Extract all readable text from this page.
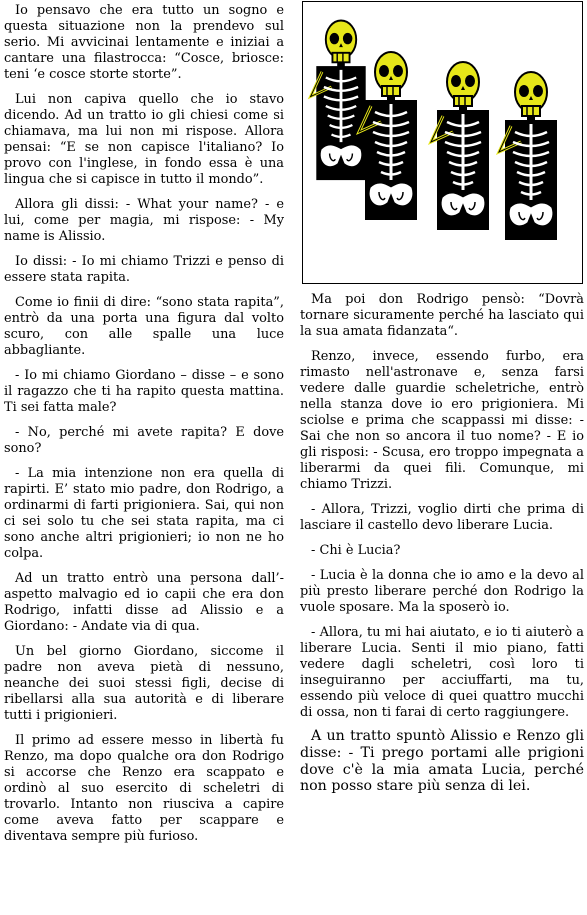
Io pensavo che era tutto un sogno e questa situazione non la prendevo sul serio. Mi avvicinai lentamente e iniziai a cantare una filastrocca: “Cosce, briosce: teni ‘e cosce storte storte”.

Lui non capiva quello che io stavo dicendo. Ad un tratto io gli chiesi come si chiamava, ma lui non mi rispose. Allora pensai: “E se non capisce l'italiano? Io provo con l'inglese, in fondo essa è una lingua che si capisce in tutto il mondo”.

Allora gli dissi: - What your name? - e lui, come per magia, mi rispose: - My name is Alissio.

Io dissi: - Io mi chiamo Trizzi e penso di essere stata rapita.

Come io finii di dire: “sono stata rapita”, entrò da una porta una figura dal volto scuro, con alle spalle una luce abbagliante.

- Io mi chiamo Giordano – disse – e sono il ragazzo che ti ha rapito questa mattina. Ti sei fatta male?

- No, perché mi avete rapita? E dove sono?

- La mia intenzione non era quella di rapirti. E’ stato mio padre, don Rodrigo, a ordinarmi di farti prigioniera. Sai, qui non ci sei solo tu che sei stata rapita, ma ci sono anche altri prigionieri; io non ne ho colpa.

Ad un tratto entrò una persona dall’-aspetto malvagio ed io capii che era don Rodrigo, infatti disse ad Alissio e a Giordano: - Andate via di qua.

Un bel giorno Giordano, siccome il padre non aveva pietà di nessuno, neanche dei suoi stessi figli, decise di ribellarsi alla sua autorità e di liberare tutti i prigionieri.

Il primo ad essere messo in libertà fu Renzo, ma dopo qualche ora don Rodrigo si accorse che Renzo era scappato e ordinò al suo esercito di scheletri di trovarlo. Intanto non riusciva a capire come aveva fatto per scappare e diventava sempre più furioso.

Ma poi don Rodrigo pensò: “Dovrà tornare sicuramente perché ha lasciato qui la sua amata fidanzata“.

Renzo, invece, essendo furbo, era rimasto nell'astronave e, senza farsi vedere dalle guardie scheletriche, entrò nella stanza dove io ero prigioniera. Mi sciolse e prima che scappassi mi disse: - Sai che non so ancora il tuo nome? - E io gli risposi: - Scusa, ero troppo impegnata a liberarmi da quei fili. Comunque, mi chiamo Trizzi.

- Allora, Trizzi, voglio dirti che prima di lasciare il castello devo liberare Lucia.

- Chi è Lucia?

- Lucia è la donna che io amo e la devo al più presto liberare perché don Rodrigo la vuole sposare. Ma la sposerò io.

- Allora, tu mi hai aiutato, e io ti aiuterò a liberare Lucia. Senti il mio piano, fatti vedere dagli scheletri, così loro ti inseguiranno per acciuffarti, ma tu, essendo più veloce di quei quattro mucchi di ossa, non ti farai di certo raggiungere.

A un tratto spuntò Alissio e Renzo gli disse: - Ti prego portami alle prigioni dove c'è la mia amata Lucia, perché non posso stare più senza di lei.
